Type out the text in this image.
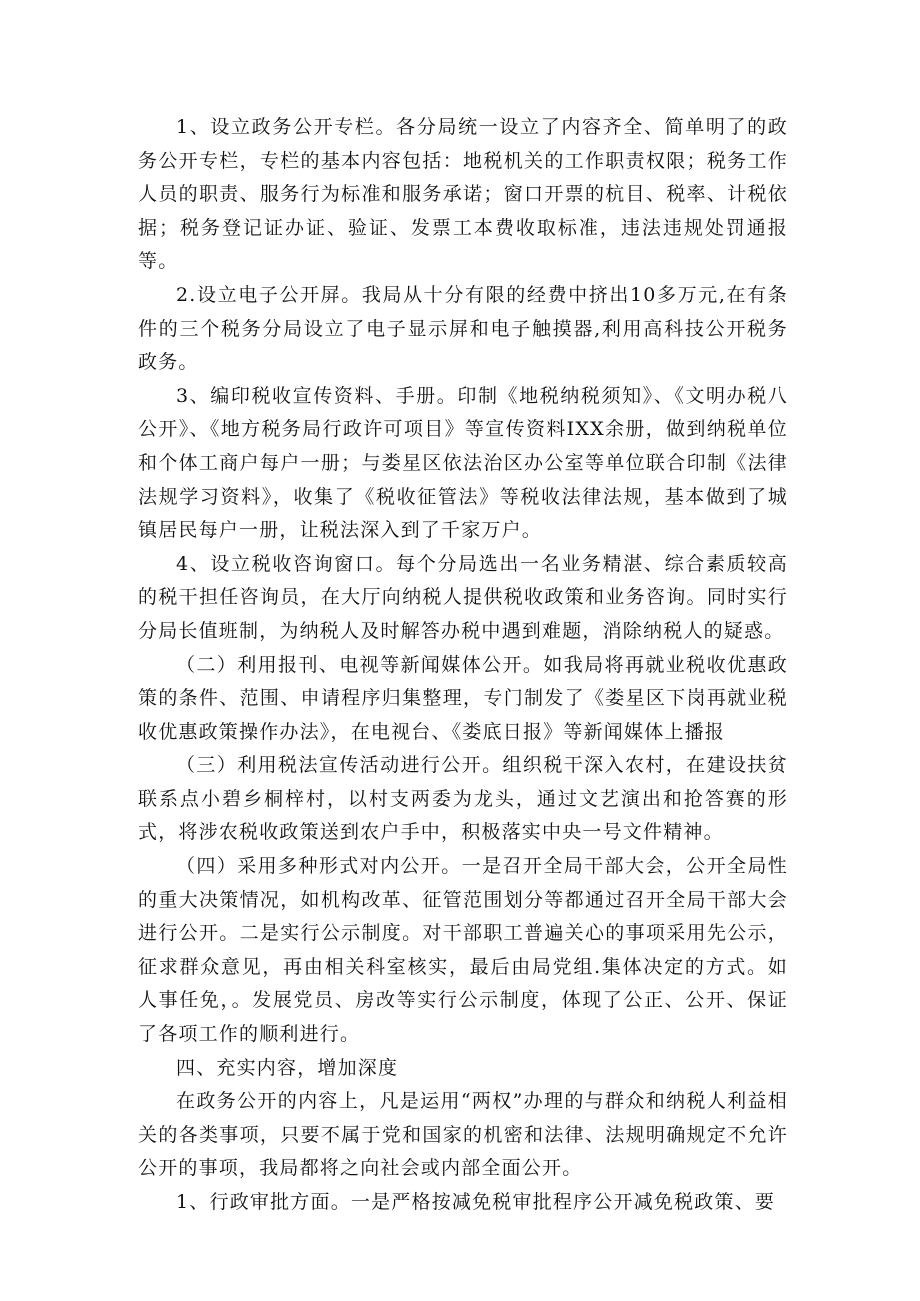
1、设立政务公开专栏。各分局统一设立了内容齐全、简单明了的政务公开专栏，专栏的基本内容包括：地税机关的工作职责权限；税务工作人员的职责、服务行为标准和服务承诺；窗口开票的杭目、税率、计税依据；税务登记证办证、验证、发票工本费收取标准，违法违规处罚通报等。

2.设立电子公开屏。我局从十分有限的经费中挤出10多万元,在有条件的三个税务分局设立了电子显示屏和电子触摸器,利用高科技公开税务政务。

3、编印税收宣传资料、手册。印制《地税纳税须知》、《文明办税八公开》、《地方税务局行政许可项目》等宣传资料IXX余册，做到纳税单位和个体工商户每户一册；与娄星区依法治区办公室等单位联合印制《法律法规学习资料》，收集了《税收征管法》等税收法律法规，基本做到了城镇居民每户一册，让税法深入到了千家万户。

4、设立税收咨询窗口。每个分局选出一名业务精湛、综合素质较高的税干担任咨询员，在大厅向纳税人提供税收政策和业务咨询。同时实行分局长值班制，为纳税人及时解答办税中遇到难题，消除纳税人的疑惑。

（二）利用报刊、电视等新闻媒体公开。如我局将再就业税收优惠政策的条件、范围、申请程序归集整理，专门制发了《娄星区下岗再就业税收优惠政策操作办法》，在电视台、《娄底日报》等新闻媒体上播报

（三）利用税法宣传活动进行公开。组织税干深入农村，在建设扶贫联系点小碧乡桐梓村，以村支两委为龙头，通过文艺演出和抢答赛的形式，将涉农税收政策送到农户手中，积极落实中央一号文件精神。

（四）采用多种形式对内公开。一是召开全局干部大会，公开全局性的重大决策情况，如机构改革、征管范围划分等都通过召开全局干部大会进行公开。二是实行公示制度。对干部职工普遍关心的事项采用先公示，征求群众意见，再由相关科室核实，最后由局党组.集体决定的方式。如人事任免，。发展党员、房改等实行公示制度，体现了公正、公开、保证了各项工作的顺利进行。

四、充实内容，增加深度

在政务公开的内容上，凡是运用“两权”办理的与群众和纳税人利益相关的各类事项，只要不属于党和国家的机密和法律、法规明确规定不允许公开的事项，我局都将之向社会或内部全面公开。

1、行政审批方面。一是严格按减免税审批程序公开减免税政策、要
